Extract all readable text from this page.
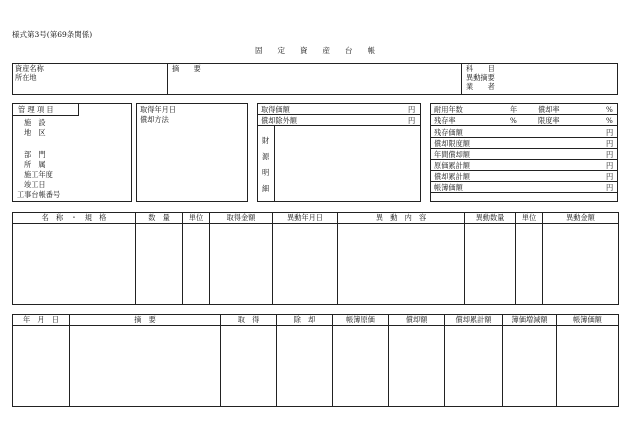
様式第3号(第69条関係)
固　　定　　資　　産　　台　　帳
資産名称
所在地
摘　　要	科　　目
異動摘要
業　　者
管 理 項 目
施　設
地　区
部　門
所　属
施工年度
竣工日
工事台帳番号
取得年月日
償却方法
取得価額	円
償却除外額	円
財
源
明
細
耐用年数	年	償却率	%
残存率	%	限度率	%
残存価額	円
償却限度額	円
年間償却額	円
原価累計額	円
償却累計額	円
帳簿価額	円
名　称　・　規　格	数　量	単位	取得金額	異動年月日	異　動　内　容	異動数量	単位	異動金額

年　月　日	摘　要	取　得	除　却	帳簿原価	償却額	償却累計額	簿価増減額	帳簿価額
